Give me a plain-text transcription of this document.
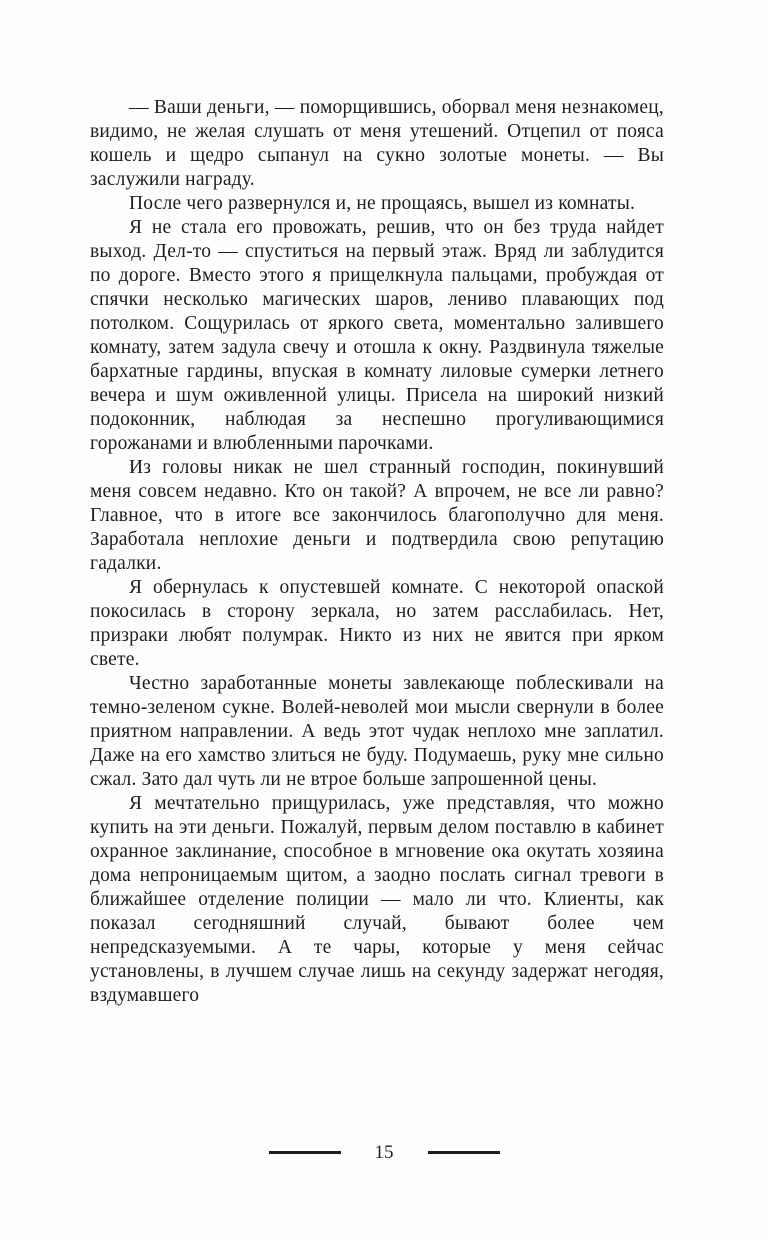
— Ваши деньги, — поморщившись, оборвал меня незнакомец, видимо, не желая слушать от меня утешений. Отцепил от пояса кошель и щедро сыпанул на сукно золотые монеты. — Вы заслужили награду.

После чего развернулся и, не прощаясь, вышел из комнаты.

Я не стала его провожать, решив, что он без труда найдет выход. Дел-то — спуститься на первый этаж. Вряд ли заблудится по дороге. Вместо этого я прищелкнула пальцами, пробуждая от спячки несколько магических шаров, лениво плавающих под потолком. Сощурилась от яркого света, моментально залившего комнату, затем задула свечу и отошла к окну. Раздвинула тяжелые бархатные гардины, впуская в комнату лиловые сумерки летнего вечера и шум оживленной улицы. Присела на широкий низкий подоконник, наблюдая за неспешно прогуливающимися горожанами и влюбленными парочками.

Из головы никак не шел странный господин, покинувший меня совсем недавно. Кто он такой? А впрочем, не все ли равно? Главное, что в итоге все закончилось благополучно для меня. Заработала неплохие деньги и подтвердила свою репутацию гадалки.

Я обернулась к опустевшей комнате. С некоторой опаской покосилась в сторону зеркала, но затем расслабилась. Нет, призраки любят полумрак. Никто из них не явится при ярком свете.

Честно заработанные монеты завлекающе поблескивали на темно-зеленом сукне. Волей-неволей мои мысли свернули в более приятном направлении. А ведь этот чудак неплохо мне заплатил. Даже на его хамство злиться не буду. Подумаешь, руку мне сильно сжал. Зато дал чуть ли не втрое больше запрошенной цены.

Я мечтательно прищурилась, уже представляя, что можно купить на эти деньги. Пожалуй, первым делом поставлю в кабинет охранное заклинание, способное в мгновение ока окутать хозяина дома непроницаемым щитом, а заодно послать сигнал тревоги в ближайшее отделение полиции — мало ли что. Клиенты, как показал сегодняшний случай, бывают более чем непредсказуемыми. А те чары, которые у меня сейчас установлены, в лучшем случае лишь на секунду задержат негодяя, вздумавшего

15
